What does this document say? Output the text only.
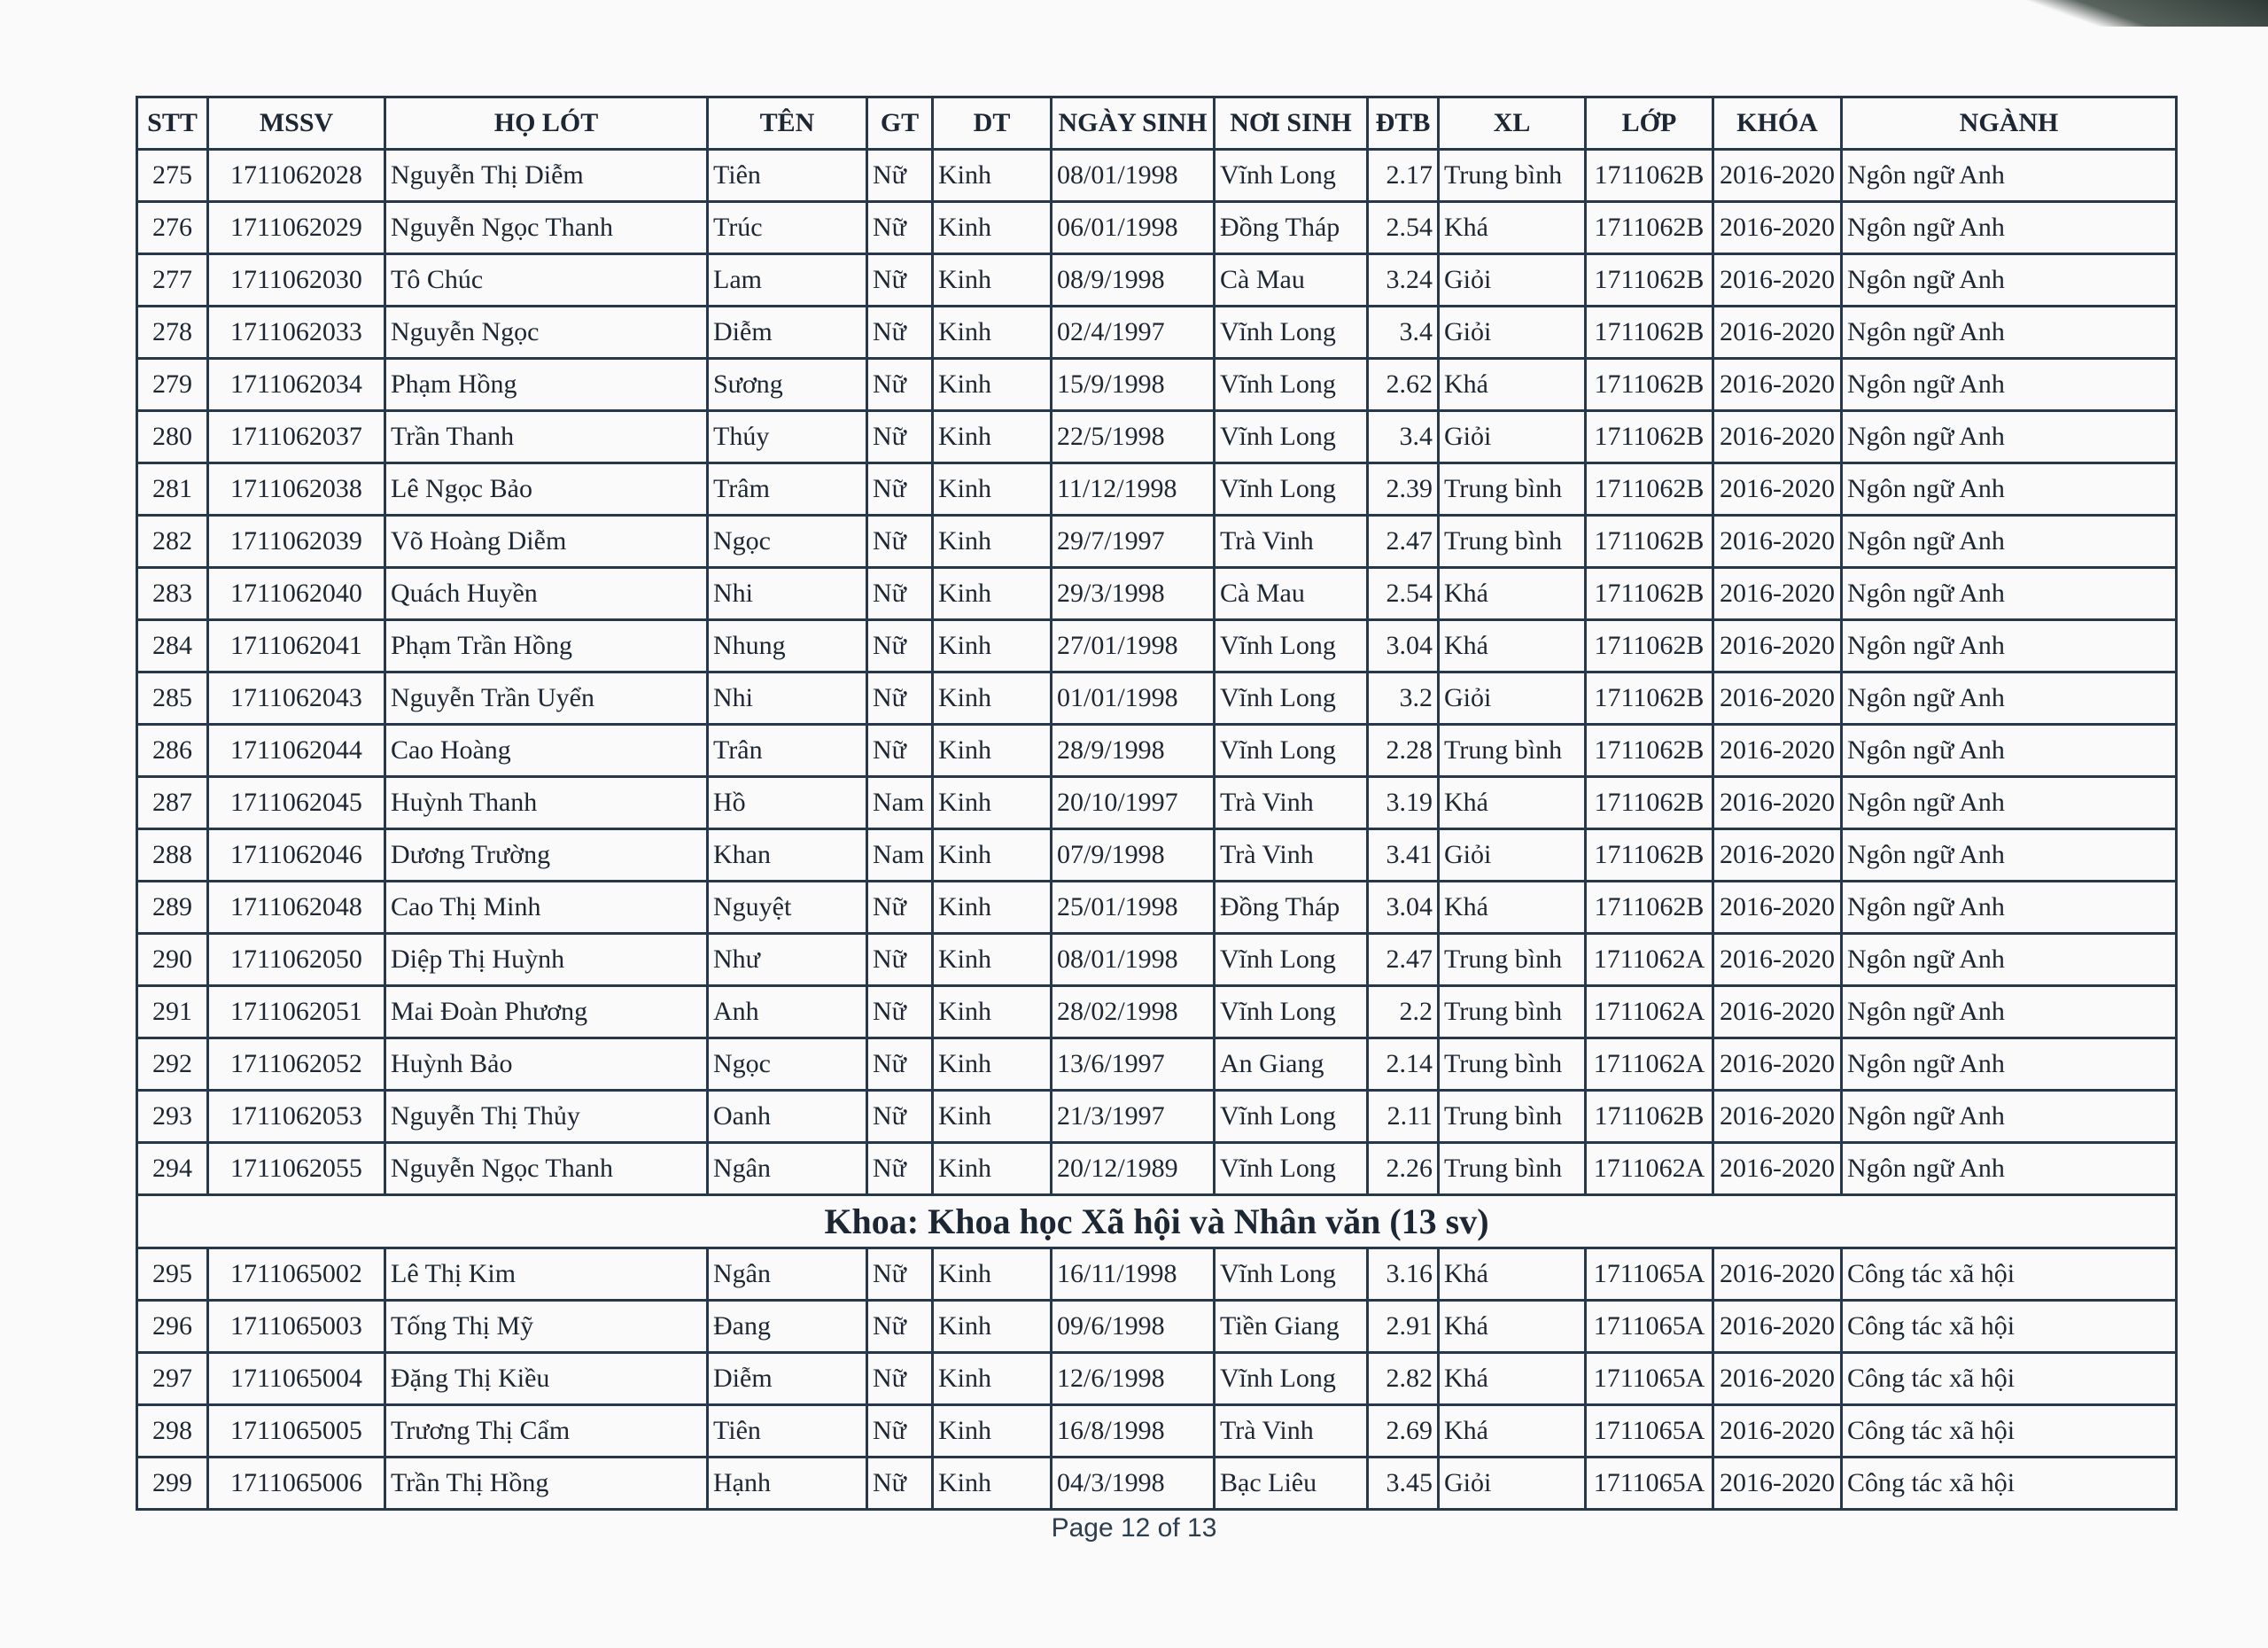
STT	MSSV	HỌ LÓT	TÊN	GT	DT	NGÀY SINH	NƠI SINH	ĐTB	XL	LỚP	KHÓA	NGÀNH
275	1711062028	Nguyễn Thị Diễm	Tiên	Nữ	Kinh	08/01/1998	Vĩnh Long	2.17	Trung bình	1711062B	2016-2020	Ngôn ngữ Anh
276	1711062029	Nguyễn Ngọc Thanh	Trúc	Nữ	Kinh	06/01/1998	Đồng Tháp	2.54	Khá	1711062B	2016-2020	Ngôn ngữ Anh
277	1711062030	Tô Chúc	Lam	Nữ	Kinh	08/9/1998	Cà Mau	3.24	Giỏi	1711062B	2016-2020	Ngôn ngữ Anh
278	1711062033	Nguyễn Ngọc	Diễm	Nữ	Kinh	02/4/1997	Vĩnh Long	3.4	Giỏi	1711062B	2016-2020	Ngôn ngữ Anh
279	1711062034	Phạm Hồng	Sương	Nữ	Kinh	15/9/1998	Vĩnh Long	2.62	Khá	1711062B	2016-2020	Ngôn ngữ Anh
280	1711062037	Trần Thanh	Thúy	Nữ	Kinh	22/5/1998	Vĩnh Long	3.4	Giỏi	1711062B	2016-2020	Ngôn ngữ Anh
281	1711062038	Lê Ngọc Bảo	Trâm	Nữ	Kinh	11/12/1998	Vĩnh Long	2.39	Trung bình	1711062B	2016-2020	Ngôn ngữ Anh
282	1711062039	Võ Hoàng Diễm	Ngọc	Nữ	Kinh	29/7/1997	Trà Vinh	2.47	Trung bình	1711062B	2016-2020	Ngôn ngữ Anh
283	1711062040	Quách Huyền	Nhi	Nữ	Kinh	29/3/1998	Cà Mau	2.54	Khá	1711062B	2016-2020	Ngôn ngữ Anh
284	1711062041	Phạm Trần Hồng	Nhung	Nữ	Kinh	27/01/1998	Vĩnh Long	3.04	Khá	1711062B	2016-2020	Ngôn ngữ Anh
285	1711062043	Nguyễn Trần Uyển	Nhi	Nữ	Kinh	01/01/1998	Vĩnh Long	3.2	Giỏi	1711062B	2016-2020	Ngôn ngữ Anh
286	1711062044	Cao Hoàng	Trân	Nữ	Kinh	28/9/1998	Vĩnh Long	2.28	Trung bình	1711062B	2016-2020	Ngôn ngữ Anh
287	1711062045	Huỳnh Thanh	Hồ	Nam	Kinh	20/10/1997	Trà Vinh	3.19	Khá	1711062B	2016-2020	Ngôn ngữ Anh
288	1711062046	Dương Trường	Khan	Nam	Kinh	07/9/1998	Trà Vinh	3.41	Giỏi	1711062B	2016-2020	Ngôn ngữ Anh
289	1711062048	Cao Thị Minh	Nguyệt	Nữ	Kinh	25/01/1998	Đồng Tháp	3.04	Khá	1711062B	2016-2020	Ngôn ngữ Anh
290	1711062050	Diệp Thị Huỳnh	Như	Nữ	Kinh	08/01/1998	Vĩnh Long	2.47	Trung bình	1711062A	2016-2020	Ngôn ngữ Anh
291	1711062051	Mai Đoàn Phương	Anh	Nữ	Kinh	28/02/1998	Vĩnh Long	2.2	Trung bình	1711062A	2016-2020	Ngôn ngữ Anh
292	1711062052	Huỳnh Bảo	Ngọc	Nữ	Kinh	13/6/1997	An Giang	2.14	Trung bình	1711062A	2016-2020	Ngôn ngữ Anh
293	1711062053	Nguyễn Thị Thủy	Oanh	Nữ	Kinh	21/3/1997	Vĩnh Long	2.11	Trung bình	1711062B	2016-2020	Ngôn ngữ Anh
294	1711062055	Nguyễn Ngọc Thanh	Ngân	Nữ	Kinh	20/12/1989	Vĩnh Long	2.26	Trung bình	1711062A	2016-2020	Ngôn ngữ Anh
Khoa: Khoa học Xã hội và Nhân văn (13 sv)												
295	1711065002	Lê Thị Kim	Ngân	Nữ	Kinh	16/11/1998	Vĩnh Long	3.16	Khá	1711065A	2016-2020	Công tác xã hội
296	1711065003	Tống Thị Mỹ	Đang	Nữ	Kinh	09/6/1998	Tiền Giang	2.91	Khá	1711065A	2016-2020	Công tác xã hội
297	1711065004	Đặng Thị Kiều	Diễm	Nữ	Kinh	12/6/1998	Vĩnh Long	2.82	Khá	1711065A	2016-2020	Công tác xã hội
298	1711065005	Trương Thị Cẩm	Tiên	Nữ	Kinh	16/8/1998	Trà Vinh	2.69	Khá	1711065A	2016-2020	Công tác xã hội
299	1711065006	Trần Thị Hồng	Hạnh	Nữ	Kinh	04/3/1998	Bạc Liêu	3.45	Giỏi	1711065A	2016-2020	Công tác xã hội
Page 12 of 13
